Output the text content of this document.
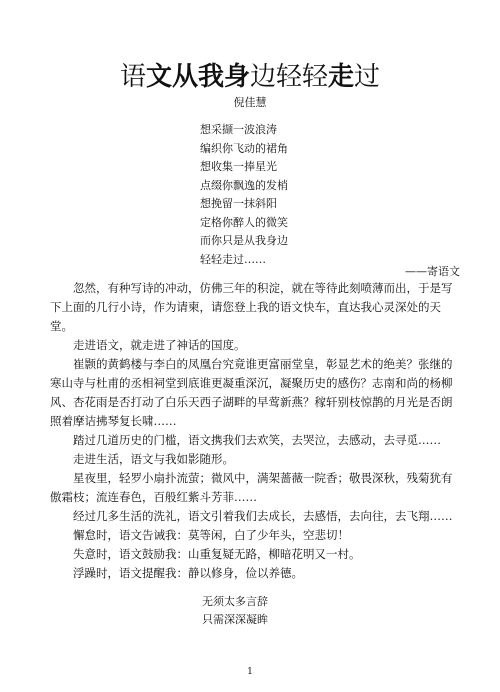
语文从我身边轻轻走过
倪佳慧
想采撷一波浪涛
编织你飞动的裙角
想收集一捧星光
点缀你飘逸的发梢
想挽留一抹斜阳
定格你醉人的微笑
而你只是从我身边
轻轻走过……
——寄语文

忽然，有种写诗的冲动，仿佛三年的积淀，就在等待此刻喷薄而出，于是写下上面的几行小诗，作为请柬，请您登上我的语文快车，直达我心灵深处的天堂。

走进语文，就走进了神话的国度。

崔颢的黄鹤楼与李白的凤凰台究竟谁更富丽堂皇，彰显艺术的绝美？张继的寒山寺与杜甫的丞相祠堂到底谁更凝重深沉，凝聚历史的感伤？志南和尚的杨柳风、杏花雨是否打动了白乐天西子湖畔的早莺新燕？稼轩别枝惊鹊的月光是否朗照着摩诘拂琴复长啸……

踏过几道历史的门槛，语文携我们去欢笑，去哭泣，去感动，去寻觅……

走进生活，语文与我如影随形。

星夜里，轻罗小扇扑流萤；微风中，满架蔷薇一院香；敬畏深秋，残菊犹有傲霜枝；流连春色，百般红紫斗芳菲……

经过几多生活的洗礼，语文引着我们去成长，去感悟，去向往，去飞翔……

懈怠时，语文告诫我：莫等闲，白了少年头，空悲切！

失意时，语文鼓励我：山重复疑无路，柳暗花明又一村。

浮躁时，语文提醒我：静以修身，俭以养德。

无须太多言辞
只需深深凝眸
1
